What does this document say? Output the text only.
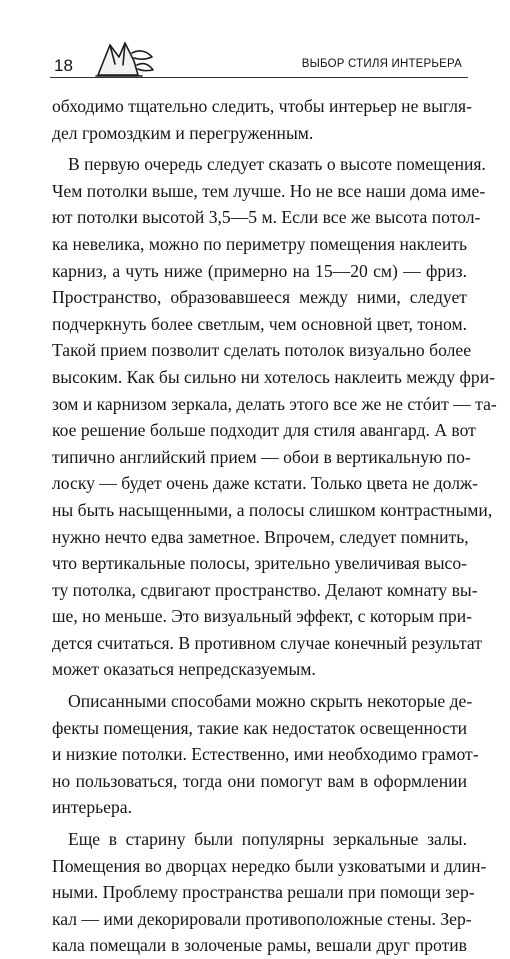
18	ВЫБОР СТИЛЯ ИНТЕРЬЕРА
обходимо тщательно следить, чтобы интерьер не выгля-
дел громоздким и перегруженным.
В первую очередь следует сказать о высоте помещения.
Чем потолки выше, тем лучше. Но не все наши дома име-
ют потолки высотой 3,5—5 м. Если все же высота потол-
ка невелика, можно по периметру помещения наклеить
карниз, а чуть ниже (примерно на 15—20 см) — фриз.
Пространство, образовавшееся между ними, следует
подчеркнуть более светлым, чем основной цвет, тоном.
Такой прием позволит сделать потолок визуально более
высоким. Как бы сильно ни хотелось наклеить между фри-
зом и карнизом зеркала, делать этого все же не стóит — та-
кое решение больше подходит для стиля авангард. А вот
типично английский прием — обои в вертикальную по-
лоску — будет очень даже кстати. Только цвета не долж-
ны быть насыщенными, а полосы слишком контрастными,
нужно нечто едва заметное. Впрочем, следует помнить,
что вертикальные полосы, зрительно увеличивая высо-
ту потолка, сдвигают пространство. Делают комнату вы-
ше, но меньше. Это визуальный эффект, с которым при-
дется считаться. В противном случае конечный результат
может оказаться непредсказуемым.
Описанными способами можно скрыть некоторые де-
фекты помещения, такие как недостаток освещенности
и низкие потолки. Естественно, ими необходимо грамот-
но пользоваться, тогда они помогут вам в оформлении
интерьера.
Еще в старину были популярны зеркальные залы.
Помещения во дворцах нередко были узковатыми и длин-
ными. Проблему пространства решали при помощи зер-
кал — ими декорировали противоположные стены. Зер-
кала помещали в золоченые рамы, вешали друг против
